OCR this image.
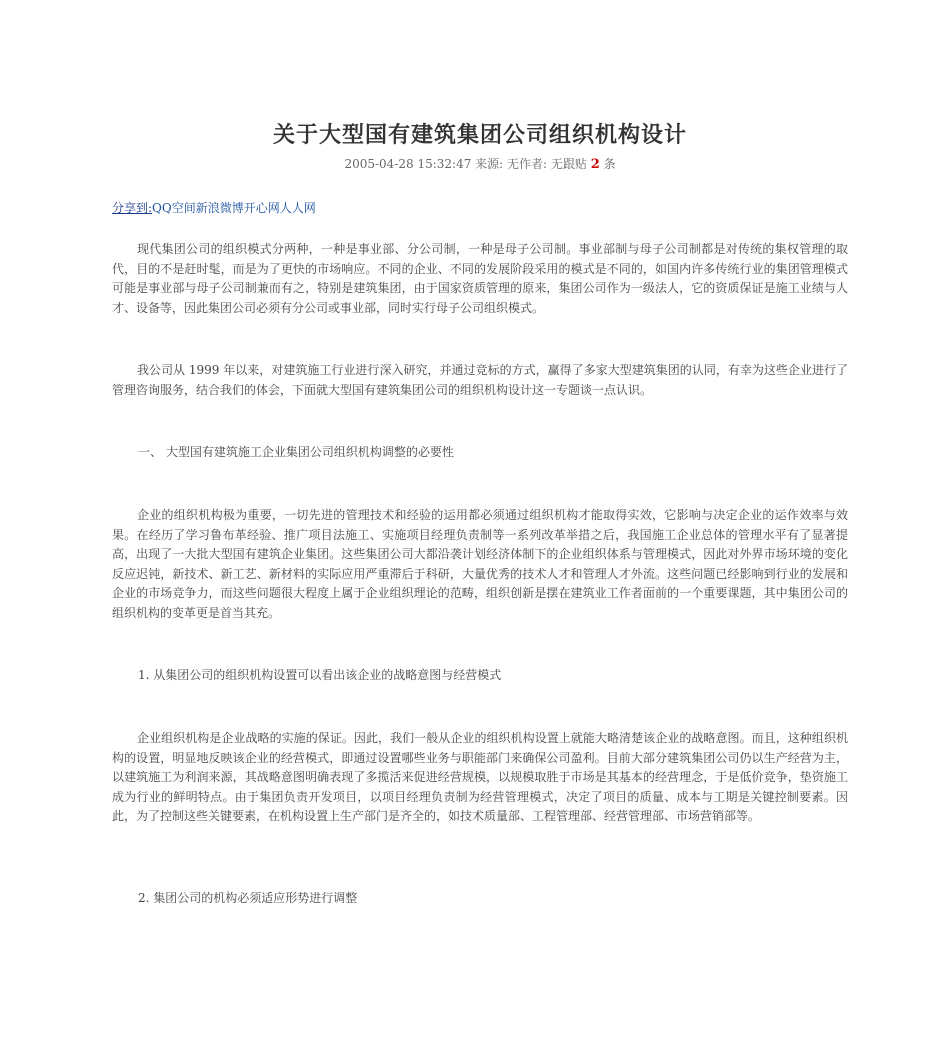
关于大型国有建筑集团公司组织机构设计
2005-04-28 15:32:47 来源: 无作者: 无跟贴 2 条
分享到:QQ空间新浪微博开心网人人网

现代集团公司的组织模式分两种，一种是事业部、分公司制，一种是母子公司制。事业部制与母子公司制都是对传统的集权管理的取代，目的不是赶时髦，而是为了更快的市场响应。不同的企业、不同的发展阶段采用的模式是不同的，如国内许多传统行业的集团管理模式可能是事业部与母子公司制兼而有之，特别是建筑集团，由于国家资质管理的原来，集团公司作为一级法人，它的资质保证是施工业绩与人才、设备等，因此集团公司必须有分公司或事业部，同时实行母子公司组织模式。

我公司从 1999 年以来，对建筑施工行业进行深入研究，并通过竞标的方式，赢得了多家大型建筑集团的认同，有幸为这些企业进行了管理咨询服务，结合我们的体会，下面就大型国有建筑集团公司的组织机构设计这一专题谈一点认识。

一、 大型国有建筑施工企业集团公司组织机构调整的必要性

企业的组织机构极为重要，一切先进的管理技术和经验的运用都必须通过组织机构才能取得实效，它影响与决定企业的运作效率与效果。在经历了学习鲁布革经验、推广项目法施工、实施项目经理负责制等一系列改革举措之后，我国施工企业总体的管理水平有了显著提高，出现了一大批大型国有建筑企业集团。这些集团公司大都沿袭计划经济体制下的企业组织体系与管理模式，因此对外界市场环境的变化反应迟钝，新技术、新工艺、新材料的实际应用严重滞后于科研，大量优秀的技术人才和管理人才外流。这些问题已经影响到行业的发展和企业的市场竞争力，而这些问题很大程度上属于企业组织理论的范畴，组织创新是摆在建筑业工作者面前的一个重要课题，其中集团公司的组织机构的变革更是首当其充。

1. 从集团公司的组织机构设置可以看出该企业的战略意图与经营模式

企业组织机构是企业战略的实施的保证。因此，我们一般从企业的组织机构设置上就能大略清楚该企业的战略意图。而且，这种组织机构的设置，明显地反映该企业的经营模式，即通过设置哪些业务与职能部门来确保公司盈利。目前大部分建筑集团公司仍以生产经营为主，以建筑施工为利润来源，其战略意图明确表现了多揽活来促进经营规模，以规模取胜于市场是其基本的经营理念，于是低价竞争，垫资施工成为行业的鲜明特点。由于集团负责开发项目，以项目经理负责制为经营管理模式，决定了项目的质量、成本与工期是关键控制要素。因此，为了控制这些关键要素，在机构设置上生产部门是齐全的，如技术质量部、工程管理部、经营管理部、市场营销部等。

2. 集团公司的机构必须适应形势进行调整
